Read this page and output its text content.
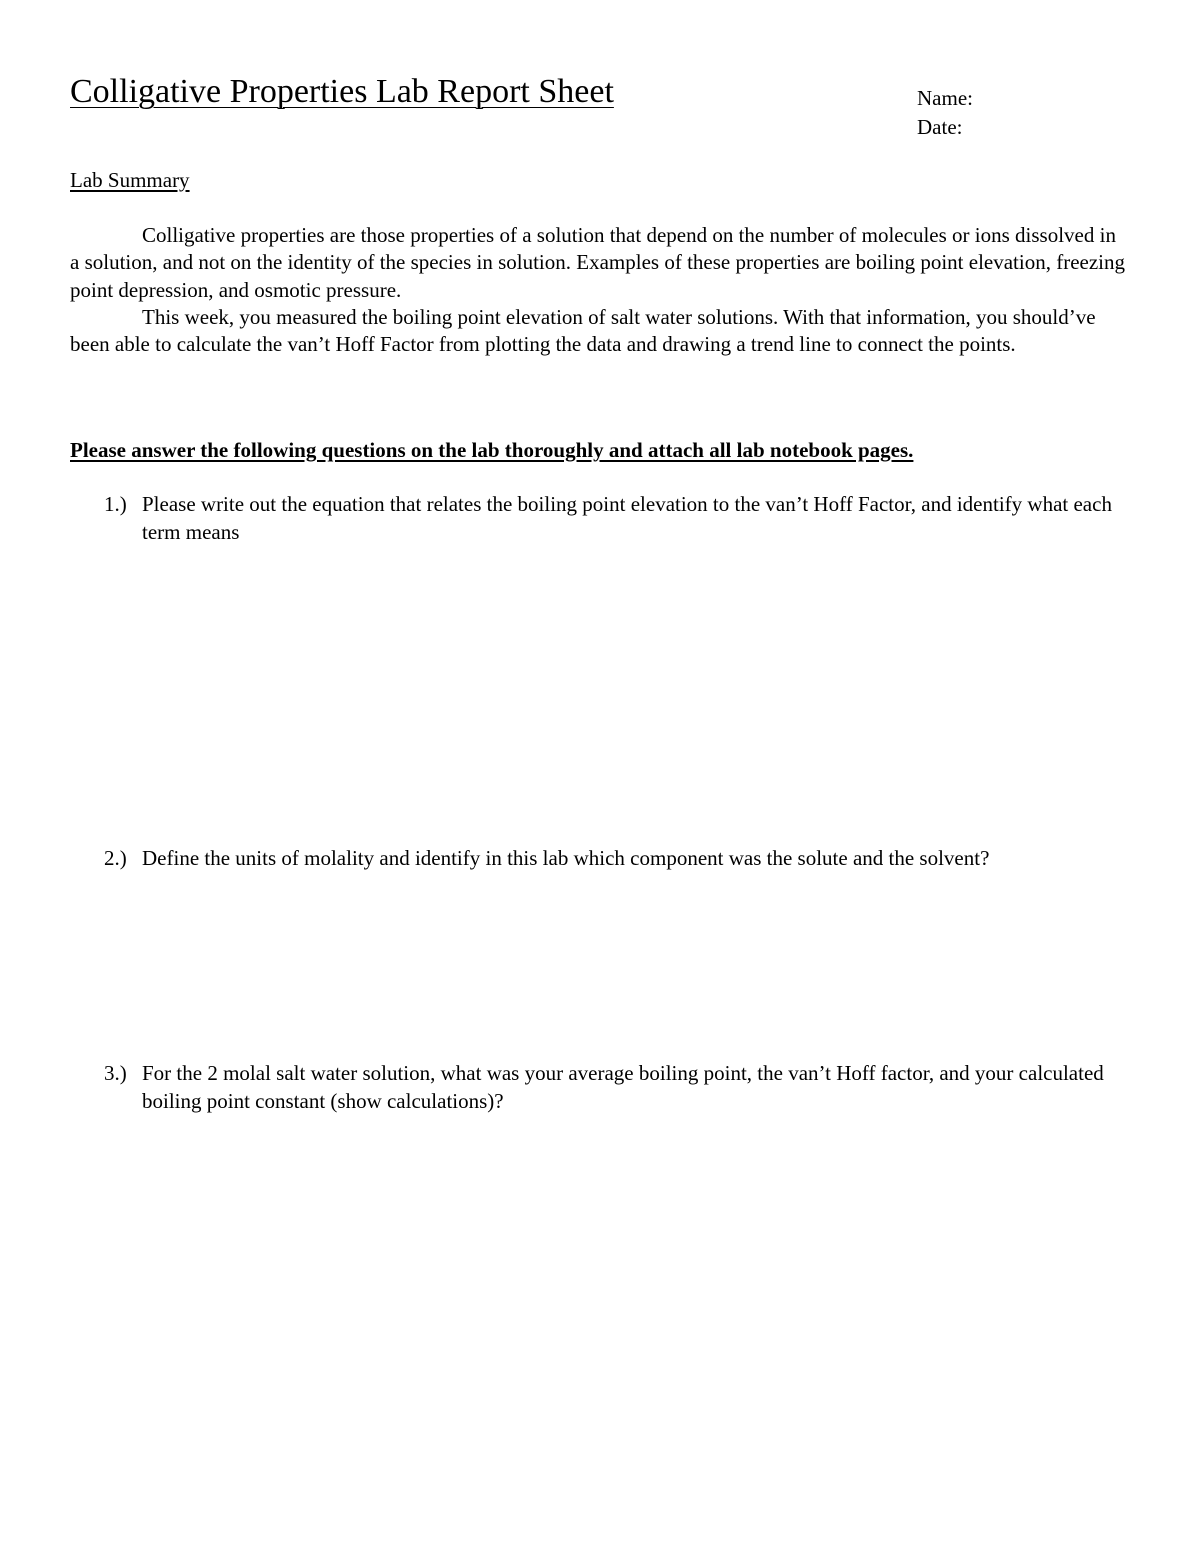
Colligative Properties Lab Report Sheet	Name:
Date:
Lab Summary

Colligative properties are those properties of a solution that depend on the number of molecules or ions dissolved in a solution, and not on the identity of the species in solution. Examples of these properties are boiling point elevation, freezing point depression, and osmotic pressure.

This week, you measured the boiling point elevation of salt water solutions. With that information, you should’ve been able to calculate the van’t Hoff Factor from plotting the data and drawing a trend line to connect the points.

Please answer the following questions on the lab thoroughly and attach all lab notebook pages.
1.) Please write out the equation that relates the boiling point elevation to the van’t Hoff Factor, and identify what each term means
2.) Define the units of molality and identify in this lab which component was the solute and the solvent?
3.) For the 2 molal salt water solution, what was your average boiling point, the van’t Hoff factor, and your calculated boiling point constant (show calculations)?
